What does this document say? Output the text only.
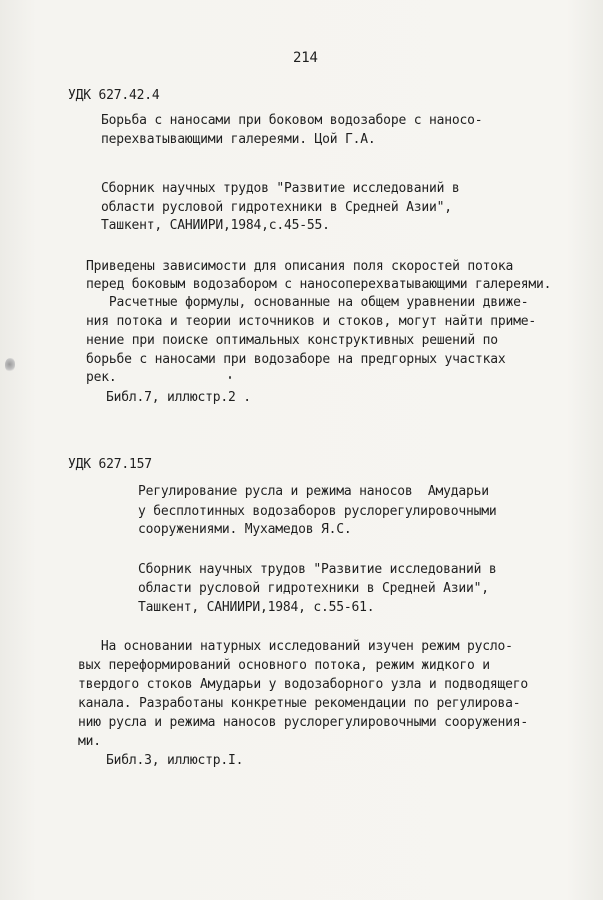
214
УДК 627.42.4
Борьба с наносами при боковом водозаборе с наносо-
перехватывающими галереями. Цой Г.А.
Сборник научных трудов "Развитие исследований в
области русловой гидротехники в Средней Азии",
Ташкент, САНИИРИ,1984,с.45-55.
Приведены зависимости для описания поля скоростей потока
перед боковым водозабором с наносоперехватывающими галереями.
Расчетные формулы, основанные на общем уравнении движе-
ния потока и теории источников и стоков, могут найти приме-
нение при поиске оптимальных конструктивных решений по
борьбе с наносами при водозаборе на предгорных участках
рек.
Библ.7, иллюстр.2 .
УДК 627.157
Регулирование русла и режима наносов  Амударьи
у бесплотинных водозаборов руслорегулировочными
сооружениями. Мухамедов Я.С.
Сборник научных трудов "Развитие исследований в
области русловой гидротехники в Средней Азии",
Ташкент, САНИИРИ,1984, с.55-61.
На основании натурных исследований изучен режим руслo-
вых переформирований основного потока, режим жидкого и
твердого стоков Амударьи у водозаборного узла и подводящего
канала. Разработаны конкретные рекомендации по регулирова-
нию русла и режима наносов руслорегулировочными сооружения-
ми.
Библ.3, иллюстр.I.
